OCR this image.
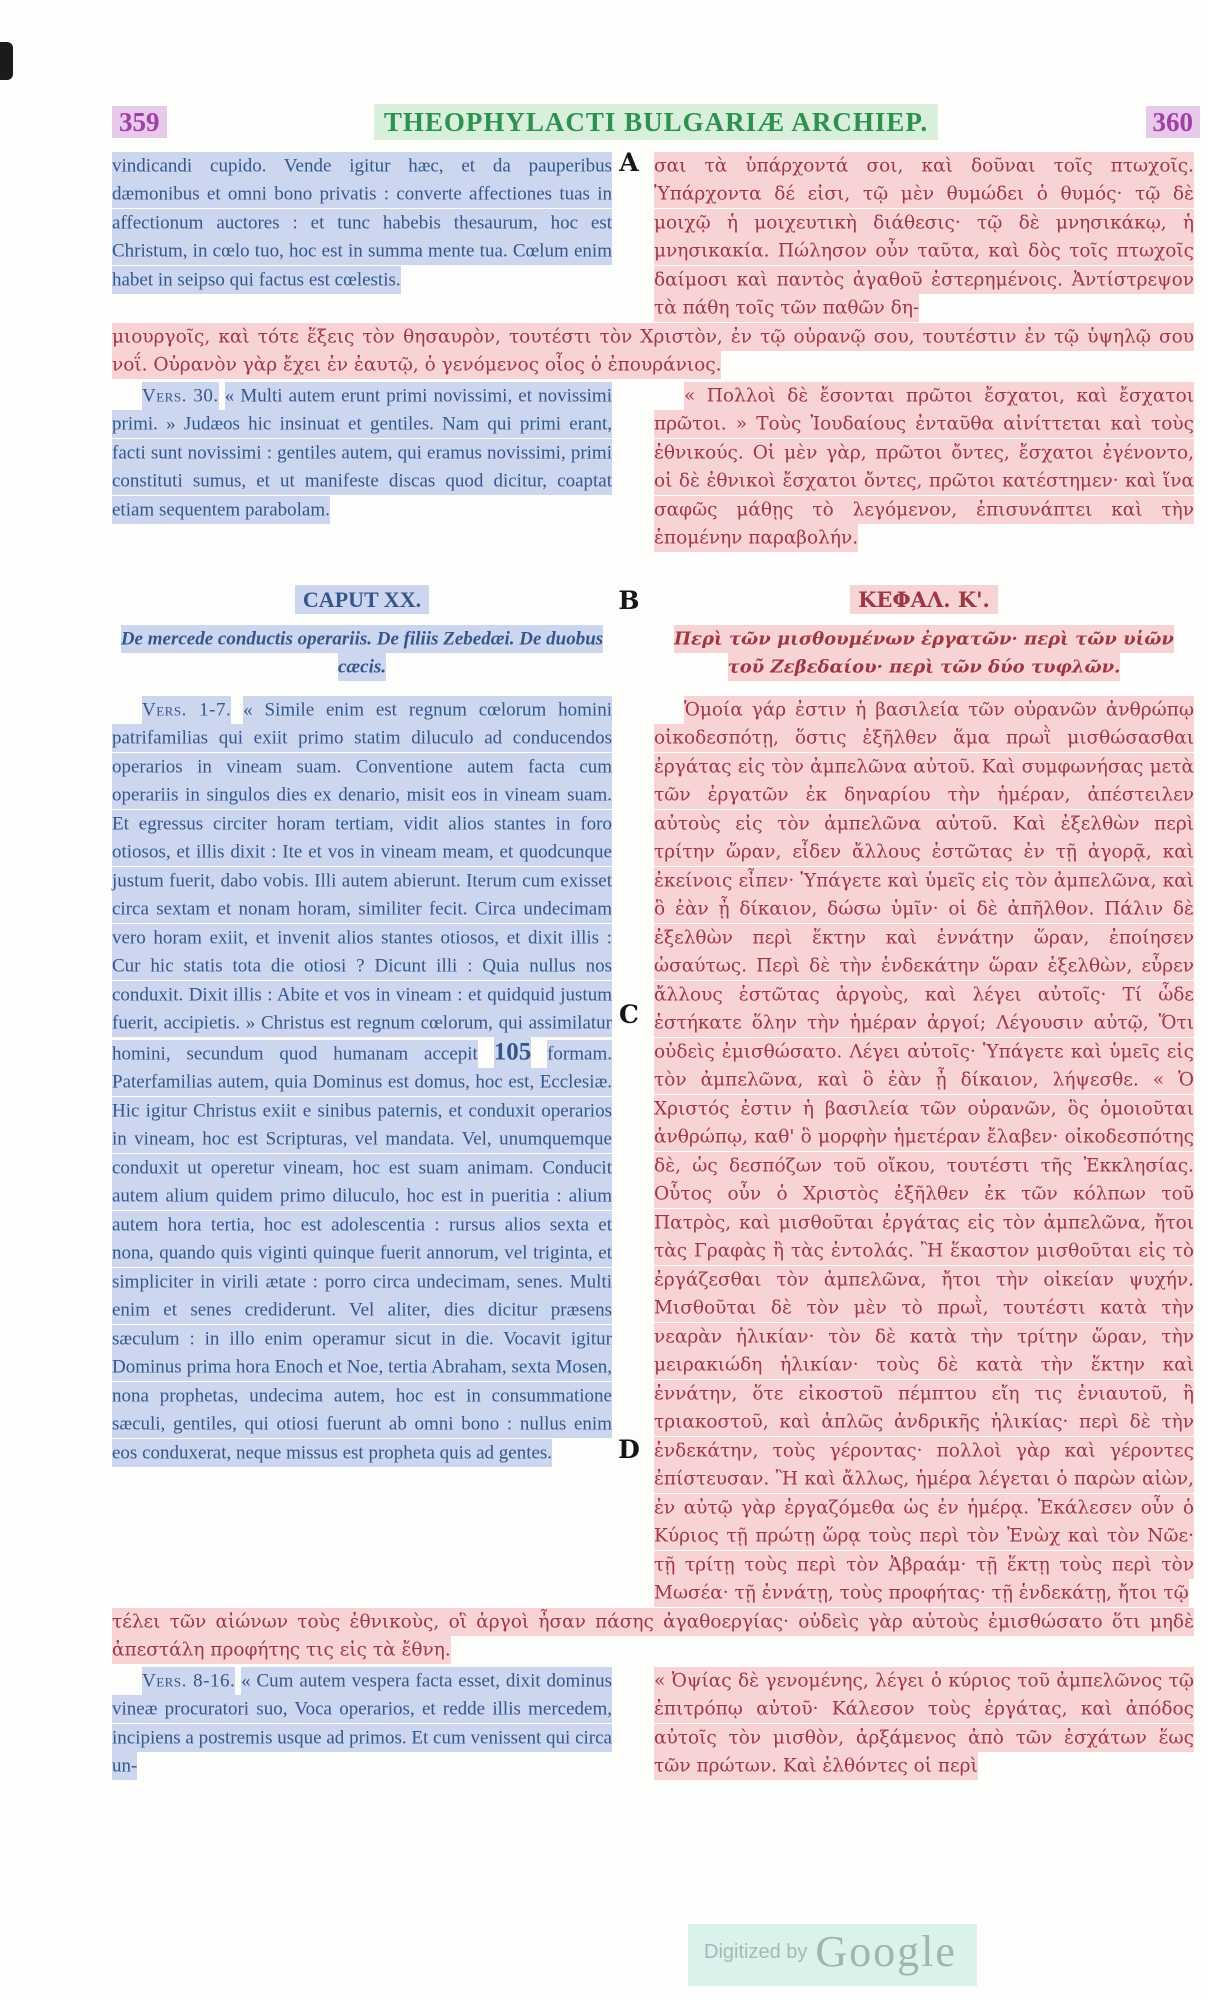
359	THEOPHYLACTI BULGARIÆ ARCHIEP.	360

vindicandi cupido. Vende igitur hæc, et da pauperibus dæmonibus et omni bono privatis : converte affectiones tuas in affectionum auctores : et tunc habebis thesaurum, hoc est Christum, in cœlo tuo, hoc est in summa mente tua. Cœlum enim habet in seipso qui factus est cœlestis.

σαι τὰ ὑπάρχοντά σοι, καὶ δοῦναι τοῖς πτωχοῖς. Ὑπάρχοντα δέ εἰσι, τῷ μὲν θυμώδει ὁ θυμός· τῷ δὲ μοιχῷ ἡ μοιχευτικὴ διάθεσις· τῷ δὲ μνησικάκῳ, ἡ μνησικακία. Πώλησον οὖν ταῦτα, καὶ δὸς τοῖς πτωχοῖς δαίμοσι καὶ παντὸς ἀγαθοῦ ἐστερημένοις. Ἀντίστρεψον τὰ πάθη τοῖς τῶν παθῶν δη-

μιουργοῖς, καὶ τότε ἕξεις τὸν θησαυρὸν, τουτέστι τὸν Χριστὸν, ἐν τῷ οὐρανῷ σου, τουτέστιν ἐν τῷ ὑψηλῷ σου νοΐ. Οὐρανὸν γὰρ ἔχει ἐν ἑαυτῷ, ὁ γενόμενος οἷος ὁ ἐπουράνιος.

Vers. 30. « Multi autem erunt primi novissimi, et novissimi primi. » Judæos hic insinuat et gentiles. Nam qui primi erant, facti sunt novissimi : gentiles autem, qui eramus novissimi, primi constituti sumus, et ut manifeste discas quod dicitur, coaptat etiam sequentem parabolam.

« Πολλοὶ δὲ ἔσονται πρῶτοι ἔσχατοι, καὶ ἔσχατοι πρῶτοι. » Τοὺς Ἰουδαίους ἐνταῦθα αἰνίττεται καὶ τοὺς ἐθνικούς. Οἱ μὲν γὰρ, πρῶτοι ὄντες, ἔσχατοι ἐγένοντο, οἱ δὲ ἐθνικοὶ ἔσχατοι ὄντες, πρῶτοι κατέστημεν· καὶ ἵνα σαφῶς μάθῃς τὸ λεγόμενον, ἐπισυνάπτει καὶ τὴν ἑπομένην παραβολήν.

CAPUT XX.	ΚΕΦΑΛ. Κ'.

De mercede conductis operariis. De filiis Zebedæi. De duobus cæcis.

Περὶ τῶν μισθουμένων ἐργατῶν· περὶ τῶν υἱῶν τοῦ Ζεβεδαίου· περὶ τῶν δύο τυφλῶν.

Vers. 1-7. « Simile enim est regnum cœlorum homini patrifamilias qui exiit primo statim diluculo ad conducendos operarios in vineam suam. Conventione autem facta cum operariis in singulos dies ex denario, misit eos in vineam suam. Et egressus circiter horam tertiam, vidit alios stantes in foro otiosos, et illis dixit : Ite et vos in vineam meam, et quodcunque justum fuerit, dabo vobis. Illi autem abierunt. Iterum cum exisset circa sextam et nonam horam, similiter fecit. Circa undecimam vero horam exiit, et invenit alios stantes otiosos, et dixit illis : Cur hic statis tota die otiosi ? Dicunt illi : Quia nullus nos conduxit. Dixit illis : Abite et vos in vineam : et quidquid justum fuerit, accipietis. » Christus est regnum cœlorum, qui assimilatur homini, secundum quod humanam accepit 105 formam. Paterfamilias autem, quia Dominus est domus, hoc est, Ecclesiæ. Hic igitur Christus exiit e sinibus paternis, et conduxit operarios in vineam, hoc est Scripturas, vel mandata. Vel, unumquemque conduxit ut operetur vineam, hoc est suam animam. Conducit autem alium quidem primo diluculo, hoc est in pueritia : alium autem hora tertia, hoc est adolescentia : rursus alios sexta et nona, quando quis viginti quinque fuerit annorum, vel triginta, et simpliciter in virili ætate : porro circa undecimam, senes. Multi enim et senes crediderunt. Vel aliter, dies dicitur præsens sæculum : in illo enim operamur sicut in die. Vocavit igitur Dominus prima hora Enoch et Noe, tertia Abraham, sexta Mosen, nona prophetas, undecima autem, hoc est in consummatione sæculi, gentiles, qui otiosi fuerunt ab omni bono : nullus enim eos conduxerat, neque missus est propheta quis ad gentes.

Ὁμοία γάρ ἐστιν ἡ βασιλεία τῶν οὐρανῶν ἀνθρώπῳ οἰκοδεσπότῃ, ὅστις ἐξῆλθεν ἅμα πρωῒ μισθώσασθαι ἐργάτας εἰς τὸν ἀμπελῶνα αὐτοῦ. Καὶ συμφωνήσας μετὰ τῶν ἐργατῶν ἐκ δηναρίου τὴν ἡμέραν, ἀπέστειλεν αὐτοὺς εἰς τὸν ἀμπελῶνα αὐτοῦ. Καὶ ἐξελθὼν περὶ τρίτην ὥραν, εἶδεν ἄλλους ἑστῶτας ἐν τῇ ἀγορᾷ, καὶ ἐκείνοις εἶπεν· Ὑπάγετε καὶ ὑμεῖς εἰς τὸν ἀμπελῶνα, καὶ ὃ ἐὰν ᾖ δίκαιον, δώσω ὑμῖν· οἱ δὲ ἀπῆλθον. Πάλιν δὲ ἐξελθὼν περὶ ἕκτην καὶ ἐννάτην ὥραν, ἐποίησεν ὡσαύτως. Περὶ δὲ τὴν ἑνδεκάτην ὥραν ἐξελθὼν, εὗρεν ἄλλους ἑστῶτας ἀργοὺς, καὶ λέγει αὐτοῖς· Τί ὧδε ἑστήκατε ὅλην τὴν ἡμέραν ἀργοί; Λέγουσιν αὐτῷ, Ὅτι οὐδεὶς ἐμισθώσατο. Λέγει αὐτοῖς· Ὑπάγετε καὶ ὑμεῖς εἰς τὸν ἀμπελῶνα, καὶ ὃ ἐὰν ᾖ δίκαιον, λήψεσθε. « Ὁ Χριστός ἐστιν ἡ βασιλεία τῶν οὐρανῶν, ὃς ὁμοιοῦται ἀνθρώπῳ, καθ' ὃ μορφὴν ἡμετέραν ἔλαβεν· οἰκοδεσπότης δὲ, ὡς δεσπόζων τοῦ οἴκου, τουτέστι τῆς Ἐκκλησίας. Οὗτος οὖν ὁ Χριστὸς ἐξῆλθεν ἐκ τῶν κόλπων τοῦ Πατρὸς, καὶ μισθοῦται ἐργάτας εἰς τὸν ἀμπελῶνα, ἤτοι τὰς Γραφὰς ἢ τὰς ἐντολάς. Ἢ ἕκαστον μισθοῦται εἰς τὸ ἐργάζεσθαι τὸν ἀμπελῶνα, ἤτοι τὴν οἰκείαν ψυχήν. Μισθοῦται δὲ τὸν μὲν τὸ πρωῒ, τουτέστι κατὰ τὴν νεαρὰν ἡλικίαν· τὸν δὲ κατὰ τὴν τρίτην ὥραν, τὴν μειρακιώδη ἡλικίαν· τοὺς δὲ κατὰ τὴν ἕκτην καὶ ἐννάτην, ὅτε εἰκοστοῦ πέμπτου εἴη τις ἐνιαυτοῦ, ἢ τριακοστοῦ, καὶ ἁπλῶς ἀνδρικῆς ἡλικίας· περὶ δὲ τὴν ἑνδεκάτην, τοὺς γέροντας· πολλοὶ γὰρ καὶ γέροντες ἐπίστευσαν. Ἢ καὶ ἄλλως, ἡμέρα λέγεται ὁ παρὼν αἰὼν, ἐν αὐτῷ γὰρ ἐργαζόμεθα ὡς ἐν ἡμέρᾳ. Ἐκάλεσεν οὖν ὁ Κύριος τῇ πρώτῃ ὥρᾳ τοὺς περὶ τὸν Ἐνὼχ καὶ τὸν Νῶε· τῇ τρίτῃ τοὺς περὶ τὸν Ἀβραάμ· τῇ ἕκτῃ τοὺς περὶ τὸν Μωσέα· τῇ ἐννάτῃ, τοὺς προφήτας· τῇ ἑνδεκάτῃ, ἤτοι τῷ

τέλει τῶν αἰώνων τοὺς ἐθνικοὺς, οἳ ἀργοὶ ἦσαν πάσης ἀγαθοεργίας· οὐδεὶς γὰρ αὐτοὺς ἐμισθώσατο ὅτι μηδὲ ἀπεστάλη προφήτης τις εἰς τὰ ἔθνη.

Vers. 8-16. « Cum autem vespera facta esset, dixit dominus vineæ procuratori suo, Voca operarios, et redde illis mercedem, incipiens a postremis usque ad primos. Et cum venissent qui circa un-

« Ὀψίας δὲ γενομένης, λέγει ὁ κύριος τοῦ ἀμπελῶνος τῷ ἐπιτρόπῳ αὐτοῦ· Κάλεσον τοὺς ἐργάτας, καὶ ἀπόδος αὐτοῖς τὸν μισθὸν, ἀρξάμενος ἀπὸ τῶν ἐσχάτων ἕως τῶν πρώτων. Καὶ ἐλθόντες οἱ περὶ

A
B
C
D
Digitized by Google
